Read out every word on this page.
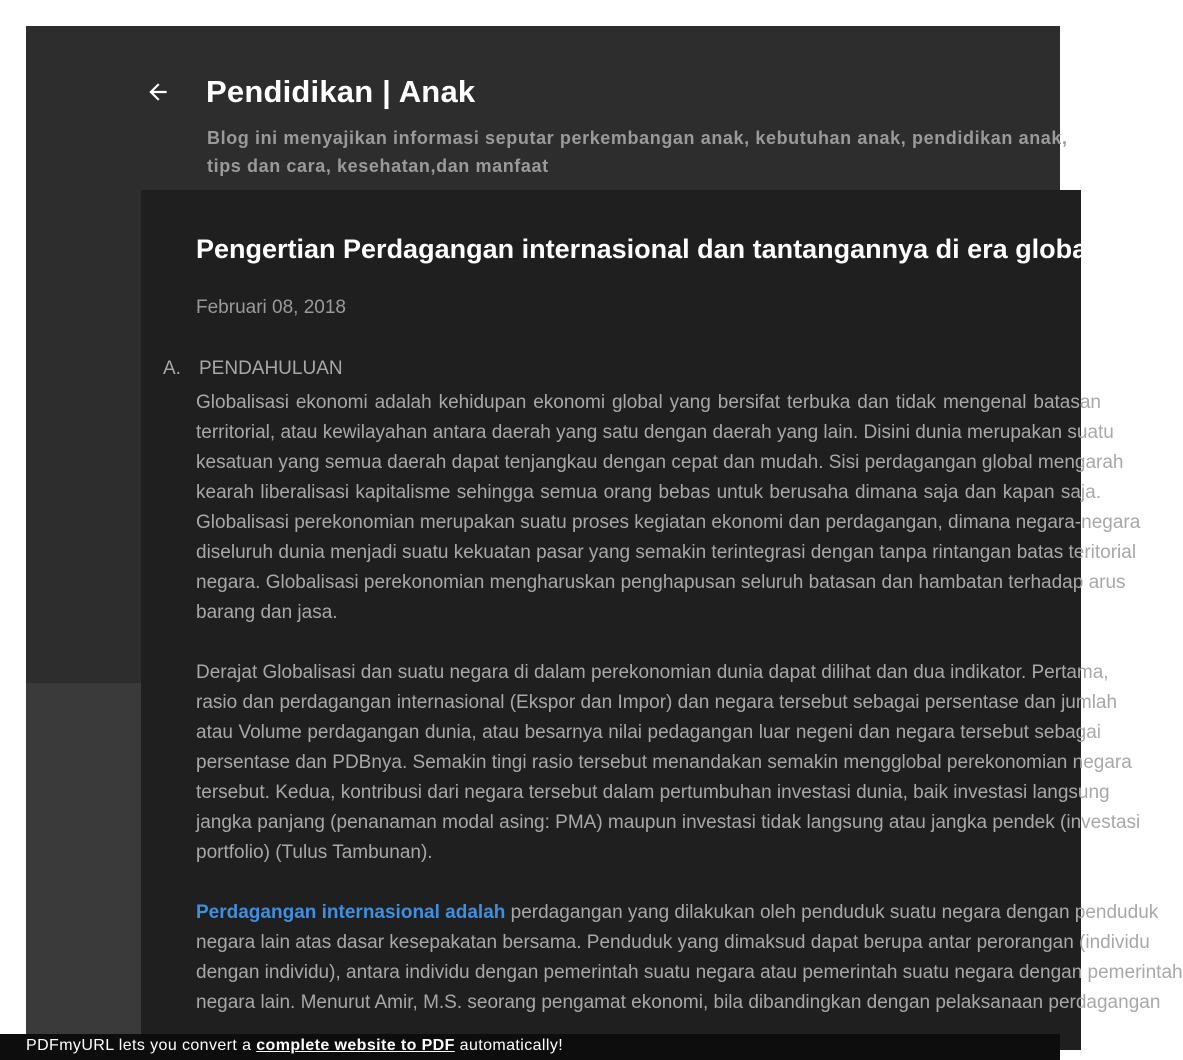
Pendidikan | Anak
Blog ini menyajikan informasi seputar perkembangan anak, kebutuhan anak, pendidikan anak,
tips dan cara, kesehatan,dan manfaat
Pengertian Perdagangan internasional dan tantangannya di era globalisasi
Februari 08, 2018
A. PENDAHULUAN
Globalisasi ekonomi adalah kehidupan ekonomi global yang bersifat terbuka dan tidak mengenal batasan
territorial, atau kewilayahan antara daerah yang satu dengan daerah yang lain. Disini dunia merupakan suatu
kesatuan yang semua daerah dapat tenjangkau dengan cepat dan mudah. Sisi perdagangan global mengarah
kearah liberalisasi kapitalisme sehingga semua orang bebas untuk berusaha dimana saja dan kapan saja.
Globalisasi perekonomian merupakan suatu proses kegiatan ekonomi dan perdagangan, dimana negara-negara
diseluruh dunia menjadi suatu kekuatan pasar yang semakin terintegrasi dengan tanpa rintangan batas teritorial
negara. Globalisasi perekonomian mengharuskan penghapusan seluruh batasan dan hambatan terhadap arus
barang dan jasa.
Derajat Globalisasi dan suatu negara di dalam perekonomian dunia dapat dilihat dan dua indikator. Pertama,
rasio dan perdagangan internasional (Ekspor dan Impor) dan negara tersebut sebagai persentase dan jumlah
atau Volume perdagangan dunia, atau besarnya nilai pedagangan luar negeni dan negara tersebut sebagai
persentase dan PDBnya. Semakin tingi rasio tersebut menandakan semakin mengglobal perekonomian negara
tersebut. Kedua, kontribusi dari negara tersebut dalam pertumbuhan investasi dunia, baik investasi langsung
jangka panjang (penanaman modal asing: PMA) maupun investasi tidak langsung atau jangka pendek (investasi
portfolio) (Tulus Tambunan).
Perdagangan internasional adalah perdagangan yang dilakukan oleh penduduk suatu negara dengan penduduk
negara lain atas dasar kesepakatan bersama. Penduduk yang dimaksud dapat berupa antar perorangan (individu
dengan individu), antara individu dengan pemerintah suatu negara atau pemerintah suatu negara dengan pemerintah
negara lain. Menurut Amir, M.S. seorang pengamat ekonomi, bila dibandingkan dengan pelaksanaan perdagangan
PDFmyURL lets you convert a complete website to PDF automatically!
